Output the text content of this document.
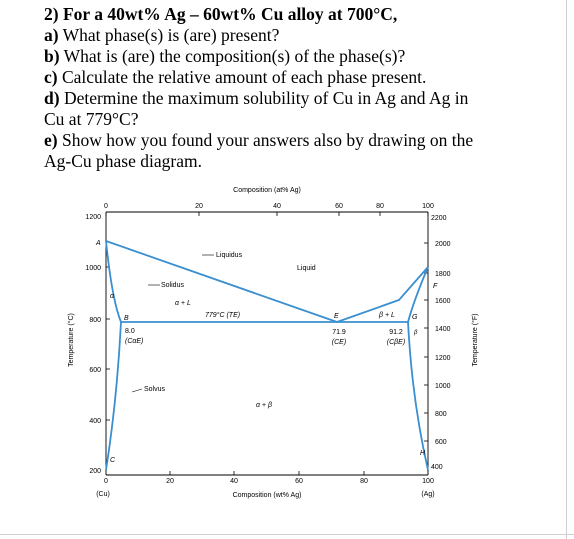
2) For a 40wt% Ag – 60wt% Cu alloy at 700°C,
a) What phase(s) is (are) present?
b) What is (are) the composition(s) of the phase(s)?
c) Calculate the relative amount of each phase present.
d) Determine the maximum solubility of Cu in Ag and Ag in
Cu at 779°C?
e) Show how you found your answers also by drawing on the
Ag-Cu phase diagram.
Composition (at% Ag)
Composition (wt% Ag)
Temperature (°C)	Temperature (°F)
0	20	40	60	80	100
0	20	40	60	80	100
(Cu)	(Ag)
1200
1000
800
600
400
200
2200
2000
1800
1600
1400
1200
1000
800
600
400
Liquidus
Liquid
Solidus
α + L
β + L
α
β
α + β
Solvus
779°C (TE)
A
B
C
E
F
G
H
8.0
(CαE)
71.9
(CE)
91.2
(CβE)
